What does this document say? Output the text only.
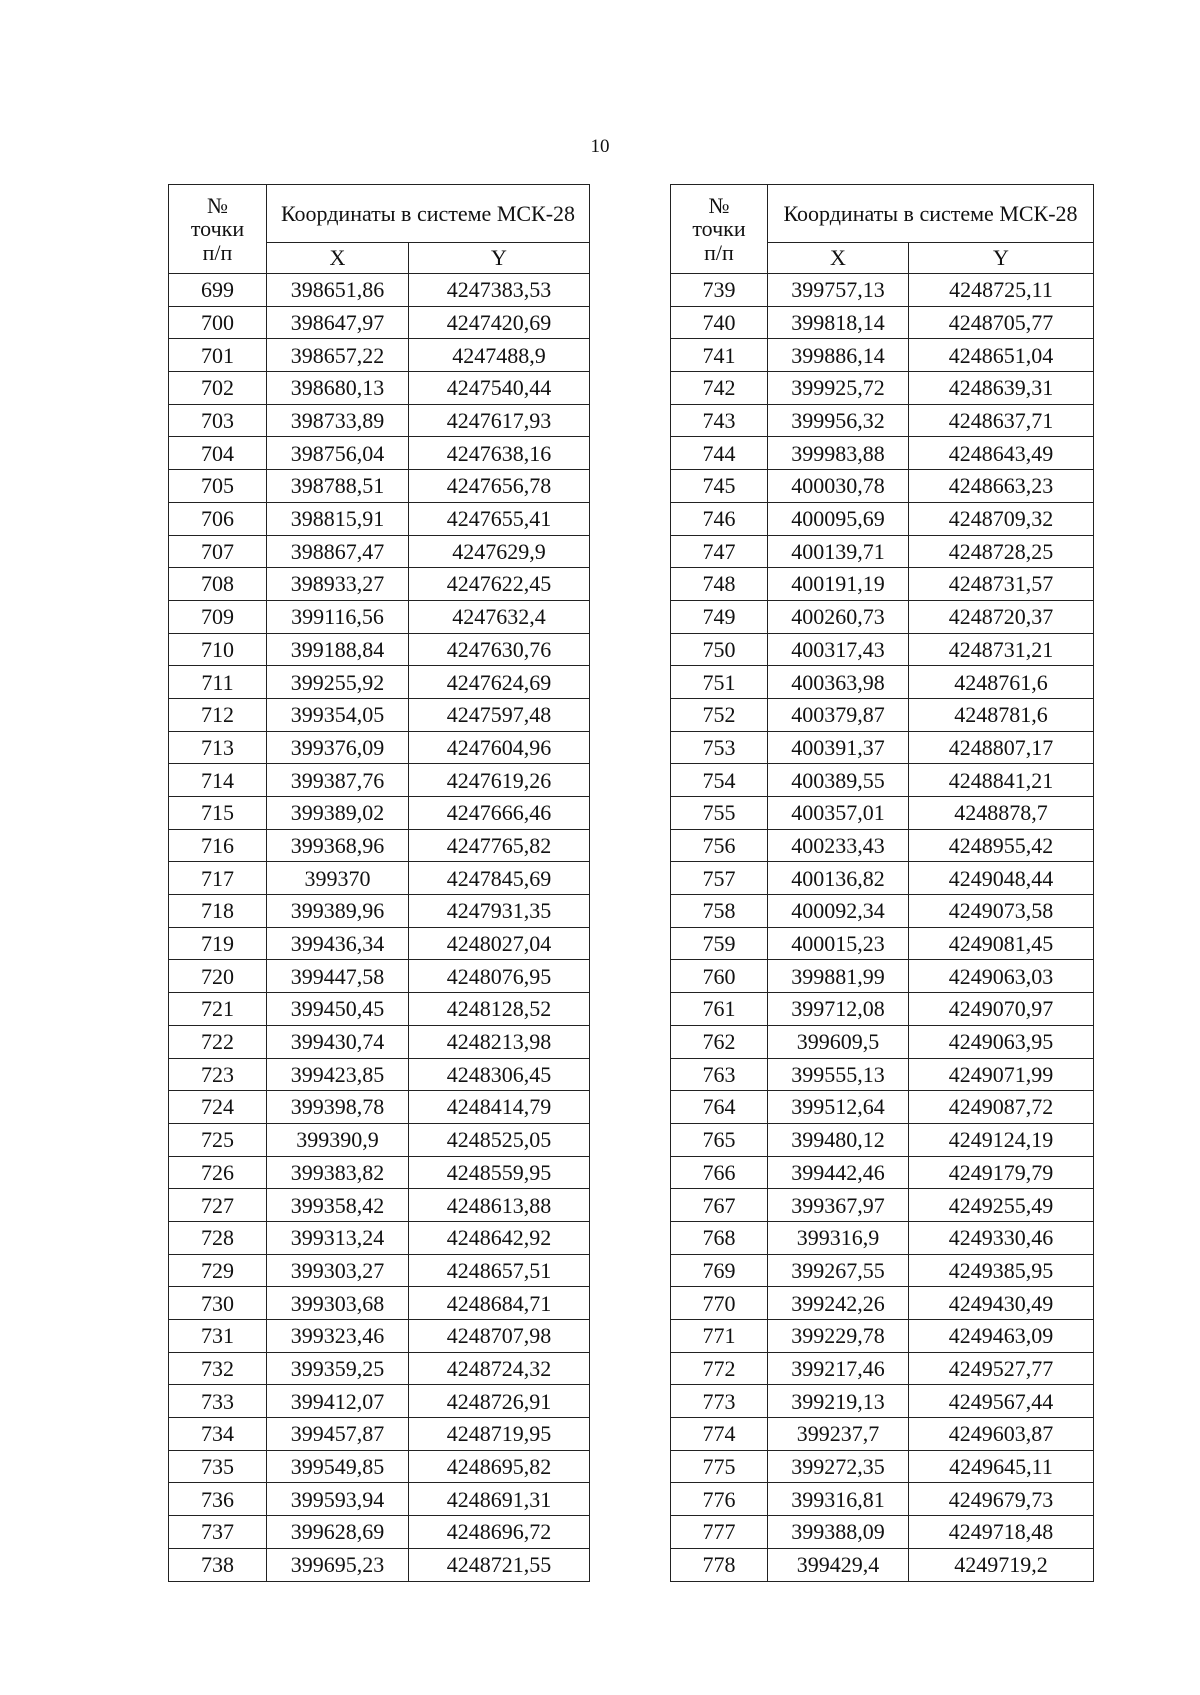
10
№
точки
п/п	Координаты в системе МСК-28	
	X	Y
699	398651,86	4247383,53
700	398647,97	4247420,69
701	398657,22	4247488,9
702	398680,13	4247540,44
703	398733,89	4247617,93
704	398756,04	4247638,16
705	398788,51	4247656,78
706	398815,91	4247655,41
707	398867,47	4247629,9
708	398933,27	4247622,45
709	399116,56	4247632,4
710	399188,84	4247630,76
711	399255,92	4247624,69
712	399354,05	4247597,48
713	399376,09	4247604,96
714	399387,76	4247619,26
715	399389,02	4247666,46
716	399368,96	4247765,82
717	399370	4247845,69
718	399389,96	4247931,35
719	399436,34	4248027,04
720	399447,58	4248076,95
721	399450,45	4248128,52
722	399430,74	4248213,98
723	399423,85	4248306,45
724	399398,78	4248414,79
725	399390,9	4248525,05
726	399383,82	4248559,95
727	399358,42	4248613,88
728	399313,24	4248642,92
729	399303,27	4248657,51
730	399303,68	4248684,71
731	399323,46	4248707,98
732	399359,25	4248724,32
733	399412,07	4248726,91
734	399457,87	4248719,95
735	399549,85	4248695,82
736	399593,94	4248691,31
737	399628,69	4248696,72
738	399695,23	4248721,55
№
точки
п/п	Координаты в системе МСК-28	
	X	Y
739	399757,13	4248725,11
740	399818,14	4248705,77
741	399886,14	4248651,04
742	399925,72	4248639,31
743	399956,32	4248637,71
744	399983,88	4248643,49
745	400030,78	4248663,23
746	400095,69	4248709,32
747	400139,71	4248728,25
748	400191,19	4248731,57
749	400260,73	4248720,37
750	400317,43	4248731,21
751	400363,98	4248761,6
752	400379,87	4248781,6
753	400391,37	4248807,17
754	400389,55	4248841,21
755	400357,01	4248878,7
756	400233,43	4248955,42
757	400136,82	4249048,44
758	400092,34	4249073,58
759	400015,23	4249081,45
760	399881,99	4249063,03
761	399712,08	4249070,97
762	399609,5	4249063,95
763	399555,13	4249071,99
764	399512,64	4249087,72
765	399480,12	4249124,19
766	399442,46	4249179,79
767	399367,97	4249255,49
768	399316,9	4249330,46
769	399267,55	4249385,95
770	399242,26	4249430,49
771	399229,78	4249463,09
772	399217,46	4249527,77
773	399219,13	4249567,44
774	399237,7	4249603,87
775	399272,35	4249645,11
776	399316,81	4249679,73
777	399388,09	4249718,48
778	399429,4	4249719,2
